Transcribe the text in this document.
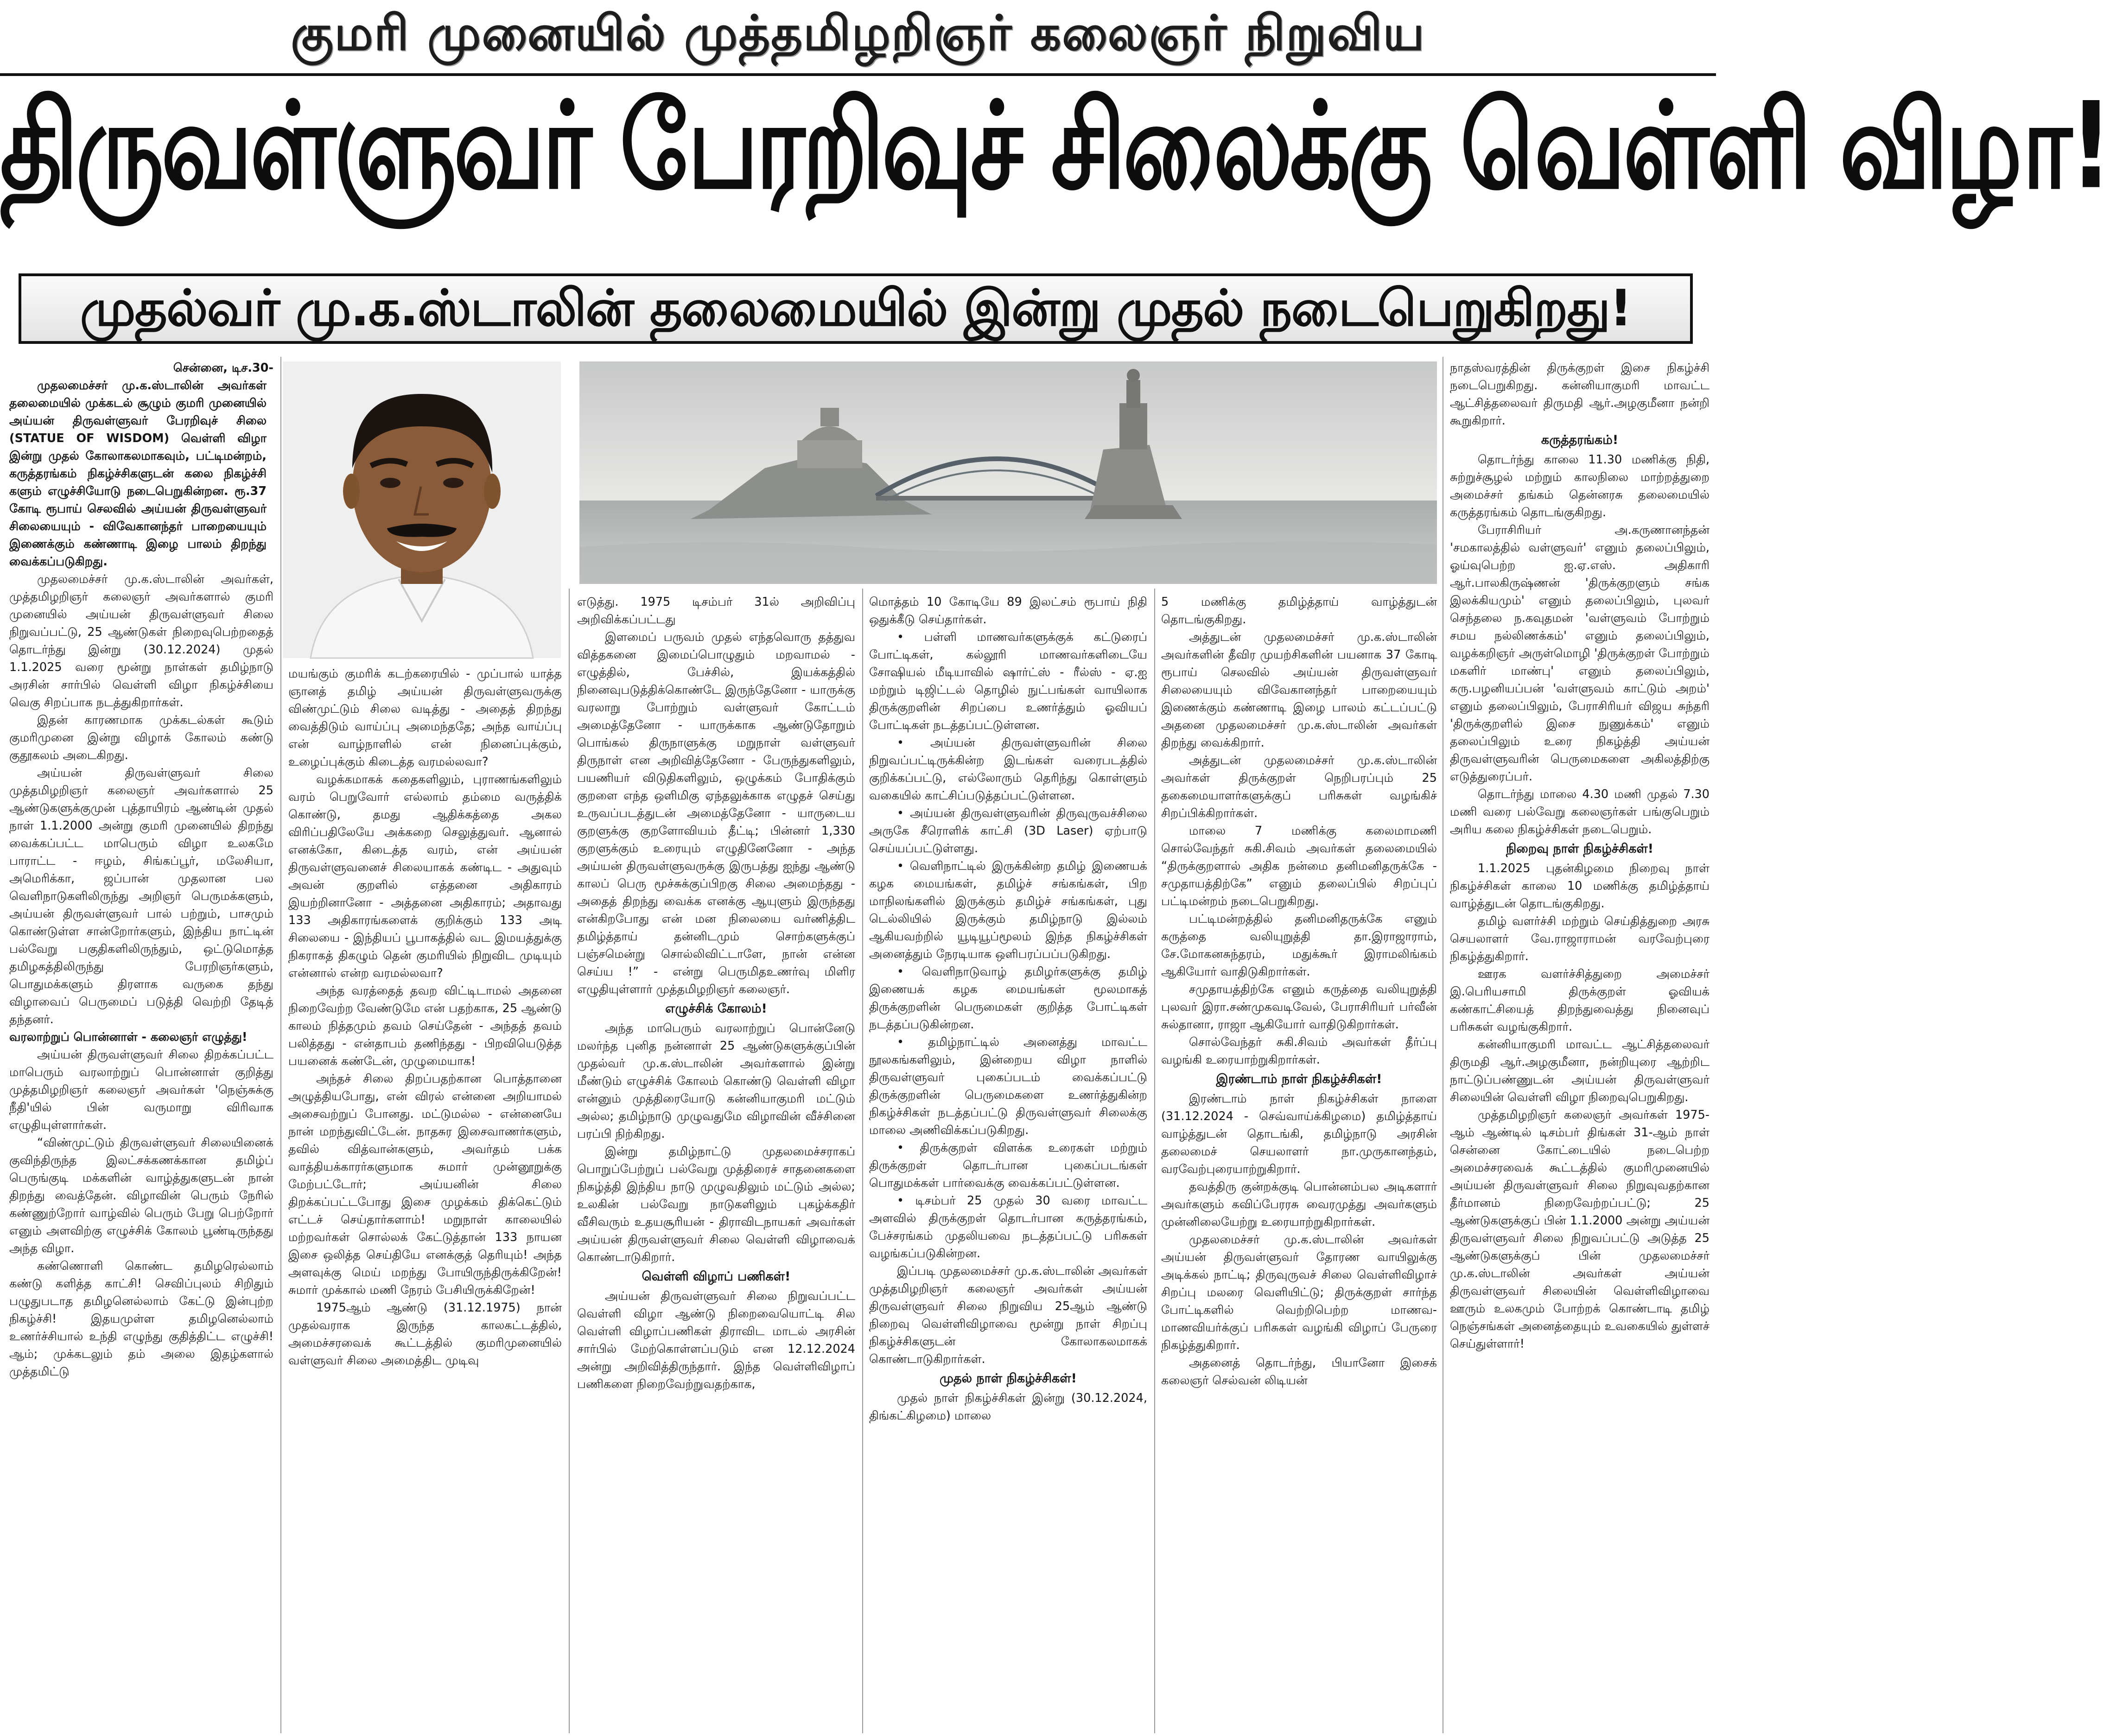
குமரி முனையில் முத்தமிழறிஞர் கலைஞர் நிறுவிய
திருவள்ளுவர் பேரறிவுச் சிலைக்கு வெள்ளி விழா!
முதல்வர் மு.க.ஸ்டாலின் தலைமையில் இன்று முதல் நடைபெறுகிறது!

சென்னை, டிச.30-

முதலமைச்சர் மு.க.ஸ்டாலின் அவர்கள் தலைமையில் முக்கடல் சூழும் குமரி முனையில் அய்யன் திருவள்ளுவர் பேரறிவுச் சிலை (STATUE OF WISDOM) வெள்ளி விழா இன்று முதல் கோலாகலமாகவும், பட்டிமன்றம், கருத்தரங்கம் நிகழ்ச்சிகளுடன் கலை நிகழ்ச்சி களும் எழுச்சியோடு நடைபெறுகின்றன. ரூ.37 கோடி ரூபாய் செலவில் அய்யன் திருவள்ளுவர் சிலையையும் - விவேகானந்தர் பாறையையும் இணைக்கும் கண்ணாடி இழை பாலம் திறந்து வைக்கப்படுகிறது.

முதலமைச்சர் மு.க.ஸ்டாலின் அவர்கள், முத்தமிழறிஞர் கலைஞர் அவர்களால் குமரி முனையில் அய்யன் திருவள்ளுவர் சிலை நிறுவப்பட்டு, 25 ஆண்டுகள் நிறைவுபெற்றதைத் தொடர்ந்து இன்று (30.12.2024) முதல் 1.1.2025 வரை மூன்று நாள்கள் தமிழ்நாடு அரசின் சார்பில் வெள்ளி விழா நிகழ்ச்சியை வெகு சிறப்பாக நடத்துகிறார்கள்.

இதன் காரணமாக முக்கடல்கள் கூடும் குமரிமுனை இன்று விழாக் கோலம் கண்டு குதூகலம் அடைகிறது.

அய்யன் திருவள்ளுவர் சிலை முத்தமிழறிஞர் கலைஞர் அவர்களால் 25 ஆண்டுகளுக்குமுன் புத்தாயிரம் ஆண்டின் முதல் நாள் 1.1.2000 அன்று குமரி முனையில் திறந்து வைக்கப்பட்ட மாபெரும் விழா உலகமே பாராட்ட - ஈழம், சிங்கப்பூர், மலேசியா, அமெரிக்கா, ஜப்பான் முதலான பல வெளிநாடுகளிலிருந்து அறிஞர் பெருமக்களும், அய்யன் திருவள்ளுவர் பால் பற்றும், பாசமும் கொண்டுள்ள சான்றோர்களும், இந்திய நாட்டின் பல்வேறு பகுதிகளிலிருந்தும், ஒட்டுமொத்த தமிழகத்திலிருந்து பேரறிஞர்களும், பொதுமக்களும் திரளாக வருகை தந்து விழாவைப் பெருமைப் படுத்தி வெற்றி தேடித் தந்தனர்.

வரலாற்றுப் பொன்னாள் - கலைஞர் எழுத்து!

அய்யன் திருவள்ளுவர் சிலை திறக்கப்பட்ட மாபெரும் வரலாற்றுப் பொன்னாள் குறித்து முத்தமிழறிஞர் கலைஞர் அவர்கள் 'நெஞ்சுக்கு நீதி'யில் பின் வருமாறு விரிவாக எழுதியுள்ளார்கள்.

“விண்முட்டும் திருவள்ளுவர் சிலையினைக் குவிந்திருந்த இலட்சக்கணக்கான தமிழ்ப் பெருங்குடி மக்களின் வாழ்த்துகளுடன் நான் திறந்து வைத்தேன். விழாவின் பெரும் நேரில் கண்ணுற்றோர் வாழ்வில் பெரும் பேறு பெற்றோர் எனும் அளவிற்கு எழுச்சிக் கோலம் பூண்டிருந்தது அந்த விழா.

கண்ணொளி கொண்ட தமிழரெல்லாம் கண்டு களித்த காட்சி! செவிப்புலம் சிறிதும் பழுதுபடாத தமிழனெல்லாம் கேட்டு இன்புற்ற நிகழ்ச்சி! இதயமுள்ள தமிழனெல்லாம் உணர்ச்சியால் உந்தி எழுந்து குதித்திட்ட எழுச்சி! ஆம்; முக்கடலும் தம் அலை இதழ்களால் முத்தமிட்டு

மயங்கும் குமரிக் கடற்கரையில் - முப்பால் யாத்த ஞானத் தமிழ் அய்யன் திருவள்ளுவருக்கு விண்முட்டும் சிலை வடித்து - அதைத் திறந்து வைத்திடும் வாய்ப்பு அமைந்ததே; அந்த வாய்ப்பு என் வாழ்நாளில் என் நினைப்புக்கும், உழைப்புக்கும் கிடைத்த வரமல்லவா?

வழக்கமாகக் கதைகளிலும், புராணங்களிலும் வரம் பெறுவோர் எல்லாம் தம்மை வருத்திக் கொண்டு, தமது ஆதிக்கத்தை அகல விரிப்பதிலேயே அக்கறை செலுத்துவர். ஆனால் எனக்கோ, கிடைத்த வரம், என் அய்யன் திருவள்ளுவனைச் சிலையாகக் கண்டிட - அதுவும் அவன் குறளில் எத்தனை அதிகாரம் இயற்றினானோ - அத்தனை அதிகாரம்; அதாவது 133 அதிகாரங்களைக் குறிக்கும் 133 அடி சிலையை - இந்தியப் பூபாகத்தில் வட இமயத்துக்கு நிகராகத் திகழும் தென் குமரியில் நிறுவிட முடியும் என்னால் என்ற வரமல்லவா?

அந்த வரத்தைத் தவற விட்டிடாமல் அதனை நிறைவேற்ற வேண்டுமே என் பதற்காக, 25 ஆண்டு காலம் நித்தமும் தவம் செய்தேன் - அந்தத் தவம் பலித்தது - என்தாபம் தணிந்தது - பிறவியெடுத்த பயனைக் கண்டேன், முழுமையாக!

அந்தச் சிலை திறப்பதற்கான பொத்தானை அழுத்தியபோது, என் விரல் என்னை அறியாமல் அசைவற்றுப் போனது. மட்டுமல்ல - என்னையே நான் மறந்துவிட்டேன். நாதசுர இசைவாணர்களும், தவில் வித்வான்களும், அவர்தம் பக்க வாத்தியக்காரர்களுமாக சுமார் முன்னூறுக்கு மேற்பட்டோர்; அய்யனின் சிலை திறக்கப்பட்டபோது இசை முழக்கம் திக்கெட்டும் எட்டச் செய்தார்களாம்! மறுநாள் காலையில் மற்றவர்கள் சொல்லக் கேட்டுத்தான் 133 நாயன இசை ஒலித்த செய்தியே எனக்குத் தெரியும்! அந்த அளவுக்கு மெய் மறந்து போயிருந்திருக்கிறேன்! சுமார் முக்கால் மணி நேரம் பேசியிருக்கிறேன்!

1975ஆம் ஆண்டு (31.12.1975) நான் முதல்வராக இருந்த காலகட்டத்தில், அமைச்சரவைக் கூட்டத்தில் குமரிமுனையில் வள்ளுவர் சிலை அமைத்திட முடிவு

எடுத்து. 1975 டிசம்பர் 31ல் அறிவிப்பு அறிவிக்கப்பட்டது

இளமைப் பருவம் முதல் எந்தவொரு தத்துவ வித்தகனை இமைப்பொழுதும் மறவாமல் - எழுத்தில், பேச்சில், இயக்கத்தில் நினைவுபடுத்திக்கொண்டே இருந்தேனோ - யாருக்கு வரலாறு போற்றும் வள்ளுவர் கோட்டம் அமைத்தேனோ - யாருக்காக ஆண்டுதோறும் பொங்கல் திருநாளுக்கு மறுநாள் வள்ளுவர் திருநாள் என அறிவித்தேனோ - பேருந்துகளிலும், பயணியர் விடுதிகளிலும், ஒழுக்கம் போதிக்கும் குறளை எந்த ஒளிமிகு ஏந்தலுக்காக எழுதச் செய்து உருவப்படத்துடன் அமைத்தேனோ - யாருடைய குறளுக்கு குறளோவியம் தீட்டி; பின்னர் 1,330 குறளுக்கும் உரையும் எழுதினேனோ - அந்த அய்யன் திருவள்ளுவருக்கு இருபத்து ஐந்து ஆண்டு காலப் பெரு மூச்சுக்குப்பிறகு சிலை அமைந்தது - அதைத் திறந்து வைக்க எனக்கு ஆயுளும் இருந்தது என்கிறபோது என் மன நிலையை வர்ணித்திட தமிழ்த்தாய் தன்னிடமும் சொற்களுக்குப் பஞ்சமென்று சொல்லிவிட்டாளே, நான் என்ன செய்ய !” - என்று பெருமிதஉணர்வு மிளிர எழுதியுள்ளார் முத்தமிழறிஞர் கலைஞர்.

எழுச்சிக் கோலம்!

அந்த மாபெரும் வரலாற்றுப் பொன்னேடு மலர்ந்த புனித நன்னாள் 25 ஆண்டுகளுக்குப்பின் முதல்வர் மு.க.ஸ்டாலின் அவர்களால் இன்று மீண்டும் எழுச்சிக் கோலம் கொண்டு வெள்ளி விழா என்னும் முத்திரையோடு கன்னியாகுமரி மட்டும் அல்ல; தமிழ்நாடு முழுவதுமே விழாவின் வீச்சினை பரப்பி நிற்கிறது.

இன்று தமிழ்நாட்டு முதலமைச்சராகப் பொறுப்பேற்றுப் பல்வேறு முத்திரைச் சாதனைகளை நிகழ்த்தி இந்திய நாடு முழுவதிலும் மட்டும் அல்ல; உலகின் பல்வேறு நாடுகளிலும் புகழ்க்கதிர் வீசிவரும் உதயசூரியன் - திராவிடநாயகர் அவர்கள் அய்யன் திருவள்ளுவர் சிலை வெள்ளி விழாவைக் கொண்டாடுகிறார்.

வெள்ளி விழாப் பணிகள்!

அய்யன் திருவள்ளுவர் சிலை நிறுவப்பட்ட வெள்ளி விழா ஆண்டு நிறைவையொட்டி சில வெள்ளி விழாப்பணிகள் திராவிட மாடல் அரசின் சார்பில் மேற்கொள்ளப்படும் என 12.12.2024 அன்று அறிவித்திருந்தார். இந்த வெள்ளிவிழாப் பணிகளை நிறைவேற்றுவதற்காக,

மொத்தம் 10 கோடியே 89 இலட்சம் ரூபாய் நிதி ஒதுக்கீடு செய்தார்கள்.

• பள்ளி மாணவர்களுக்குக் கட்டுரைப் போட்டிகள், கல்லூரி மாணவர்களிடையே சோஷியல் மீடியாவில் ஷார்ட்ஸ் - ரீல்ஸ் - ஏ.ஐ மற்றும் டிஜிட்டல் தொழில் நுட்பங்கள் வாயிலாக திருக்குறளின் சிறப்பை உணர்த்தும் ஓவியப் போட்டிகள் நடத்தப்பட்டுள்ளன.

• அய்யன் திருவள்ளுவரின் சிலை நிறுவப்பட்டிருக்கின்ற இடங்கள் வரைபடத்தில் குறிக்கப்பட்டு, எல்லோரும் தெரிந்து கொள்ளும் வகையில் காட்சிப்படுத்தப்பட்டுள்ளன.

• அய்யன் திருவள்ளுவரின் திருவுருவச்சிலை அருகே சீரொளிக் காட்சி (3D Laser) ஏற்பாடு செய்யப்பட்டுள்ளது.

• வெளிநாட்டில் இருக்கின்ற தமிழ் இணையக் கழக மையங்கள், தமிழ்ச் சங்கங்கள், பிற மாநிலங்களில் இருக்கும் தமிழ்ச் சங்கங்கள், புது டெல்லியில் இருக்கும் தமிழ்நாடு இல்லம் ஆகியவற்றில் யூடியூப்மூலம் இந்த நிகழ்ச்சிகள் அனைத்தும் நேரடியாக ஒளிபரப்பப்படுகிறது.

• வெளிநாடுவாழ் தமிழர்களுக்கு தமிழ் இணையக் கழக மையங்கள் மூலமாகத் திருக்குறளின் பெருமைகள் குறித்த போட்டிகள் நடத்தப்படுகின்றன.

• தமிழ்நாட்டில் அனைத்து மாவட்ட நூலகங்களிலும், இன்றைய விழா நாளில் திருவள்ளுவர் புகைப்படம் வைக்கப்பட்டு திருக்குறளின் பெருமைகளை உணர்த்துகின்ற நிகழ்ச்சிகள் நடத்தப்பட்டு திருவள்ளுவர் சிலைக்கு மாலை அணிவிக்கப்படுகிறது.

• திருக்குறள் விளக்க உரைகள் மற்றும் திருக்குறள் தொடர்பான புகைப்படங்கள் பொதுமக்கள் பார்வைக்கு வைக்கப்பட்டுள்ளன.

• டிசம்பர் 25 முதல் 30 வரை மாவட்ட அளவில் திருக்குறள் தொடர்பான கருத்தரங்கம், பேச்சரங்கம் முதலியவை நடத்தப்பட்டு பரிசுகள் வழங்கப்படுகின்றன.

இப்படி முதலமைச்சர் மு.க.ஸ்டாலின் அவர்கள் முத்தமிழறிஞர் கலைஞர் அவர்கள் அய்யன் திருவள்ளுவர் சிலை நிறுவிய 25ஆம் ஆண்டு நிறைவு வெள்ளிவிழாவை மூன்று நாள் சிறப்பு நிகழ்ச்சிகளுடன் கோலாகலமாகக் கொண்டாடுகிறார்கள்.

முதல் நாள் நிகழ்ச்சிகள்!

முதல் நாள் நிகழ்ச்சிகள் இன்று (30.12.2024, திங்கட்கிழமை) மாலை

5 மணிக்கு தமிழ்த்தாய் வாழ்த்துடன் தொடங்குகிறது.

அத்துடன் முதலமைச்சர் மு.க.ஸ்டாலின் அவர்களின் தீவிர முயற்சிகளின் பயனாக 37 கோடி ரூபாய் செலவில் அய்யன் திருவள்ளுவர் சிலையையும் விவேகானந்தர் பாறையையும் இணைக்கும் கண்ணாடி இழை பாலம் கட்டப்பட்டு அதனை முதலமைச்சர் மு.க.ஸ்டாலின் அவர்கள் திறந்து வைக்கிறார்.

அத்துடன் முதலமைச்சர் மு.க.ஸ்டாலின் அவர்கள் திருக்குறள் நெறிபரப்பும் 25 தகைமையாளர்களுக்குப் பரிசுகள் வழங்கிச் சிறப்பிக்கிறார்கள்.

மாலை 7 மணிக்கு கலைமாமணி சொல்வேந்தர் சுகி.சிவம் அவர்கள் தலைமையில் “திருக்குறளால் அதிக நன்மை தனிமனிதருக்கே - சமுதாயத்திற்கே” எனும் தலைப்பில் சிறப்புப் பட்டிமன்றம் நடைபெறுகிறது.

பட்டிமன்றத்தில் தனிமனிதருக்கே எனும் கருத்தை வலியுறுத்தி தா.இராஜாராம், சே.மோகனசுந்தரம், மதுக்கூர் இராமலிங்கம் ஆகியோர் வாதிடுகிறார்கள்.

சமுதாயத்திற்கே எனும் கருத்தை வலியுறுத்தி புலவர் இரா.சண்முகவடிவேல், பேராசிரியர் பர்வீன் சுல்தானா, ராஜா ஆகியோர் வாதிடுகிறார்கள்.

சொல்வேந்தர் சுகி.சிவம் அவர்கள் தீர்ப்பு வழங்கி உரையாற்றுகிறார்கள்.

இரண்டாம் நாள் நிகழ்ச்சிகள்!

இரண்டாம் நாள் நிகழ்ச்சிகள் நாளை (31.12.2024 - செவ்வாய்க்கிழமை) தமிழ்த்தாய் வாழ்த்துடன் தொடங்கி, தமிழ்நாடு அரசின் தலைமைச் செயலாளர் நா.முருகானந்தம், வரவேற்புரையாற்றுகிறார்.

தவத்திரு குன்றக்குடி பொன்னம்பல அடிகளார் அவர்களும் கவிப்பேரரசு வைரமுத்து அவர்களும் முன்னிலையேற்று உரையாற்றுகிறார்கள்.

முதலமைச்சர் மு.க.ஸ்டாலின் அவர்கள் அய்யன் திருவள்ளுவர் தோரண வாயிலுக்கு அடிக்கல் நாட்டி; திருவுருவச் சிலை வெள்ளிவிழாச் சிறப்பு மலரை வெளியிட்டு; திருக்குறள் சார்ந்த போட்டிகளில் வெற்றிபெற்ற மாணவ- மாணவியர்க்குப் பரிசுகள் வழங்கி விழாப் பேருரை நிகழ்த்துகிறார்.

அதனைத் தொடர்ந்து, பியானோ இசைக் கலைஞர் செல்வன் லிடியன்

நாதஸ்வரத்தின் திருக்குறள் இசை நிகழ்ச்சி நடைபெறுகிறது. கன்னியாகுமரி மாவட்ட ஆட்சித்தலைவர் திருமதி ஆர்.அழகுமீனா நன்றி கூறுகிறார்.

கருத்தரங்கம்!

தொடர்ந்து காலை 11.30 மணிக்கு நிதி, சுற்றுச்சூழல் மற்றும் காலநிலை மாற்றத்துறை அமைச்சர் தங்கம் தென்னரசு தலைமையில் கருத்தரங்கம் தொடங்குகிறது.

பேராசிரியர் அ.கருணானந்தன் 'சமகாலத்தில் வள்ளுவர்' எனும் தலைப்பிலும், ஓய்வுபெற்ற ஐ.ஏ.எஸ். அதிகாரி ஆர்.பாலகிருஷ்ணன் 'திருக்குறளும் சங்க இலக்கியமும்' எனும் தலைப்பிலும், புலவர் செந்தலை ந.கவுதமன் 'வள்ளுவம் போற்றும் சமய நல்லிணக்கம்' எனும் தலைப்பிலும், வழக்கறிஞர் அருள்மொழி 'திருக்குறள் போற்றும் மகளிர் மாண்பு' எனும் தலைப்பிலும், கரு.பழனியப்பன் 'வள்ளுவம் காட்டும் அறம்' எனும் தலைப்பிலும், பேராசிரியர் விஜய சுந்தரி 'திருக்குறளில் இசை நுணுக்கம்' எனும் தலைப்பிலும் உரை நிகழ்த்தி அய்யன் திருவள்ளுவரின் பெருமைகளை அகிலத்திற்கு எடுத்துரைப்பர்.

தொடர்ந்து மாலை 4.30 மணி முதல் 7.30 மணி வரை பல்வேறு கலைஞர்கள் பங்குபெறும் அரிய கலை நிகழ்ச்சிகள் நடைபெறும்.

நிறைவு நாள் நிகழ்ச்சிகள்!

1.1.2025 புதன்கிழமை நிறைவு நாள் நிகழ்ச்சிகள் காலை 10 மணிக்கு தமிழ்த்தாய் வாழ்த்துடன் தொடங்குகிறது.

தமிழ் வளர்ச்சி மற்றும் செய்தித்துறை அரசு செயலாளர் வே.ராஜாராமன் வரவேற்புரை நிகழ்த்துகிறார்.

ஊரக வளர்ச்சித்துறை அமைச்சர் இ.பெரியசாமி திருக்குறள் ஓவியக் கண்காட்சியைத் திறந்துவைத்து நினைவுப் பரிசுகள் வழங்குகிறார்.

கன்னியாகுமரி மாவட்ட ஆட்சித்தலைவர் திருமதி ஆர்.அழகுமீனா, நன்றியுரை ஆற்றிட நாட்டுப்பண்ணுடன் அய்யன் திருவள்ளுவர் சிலையின் வெள்ளி விழா நிறைவுபெறுகிறது.

முத்தமிழறிஞர் கலைஞர் அவர்கள் 1975-ஆம் ஆண்டில் டிசம்பர் திங்கள் 31-ஆம் நாள் சென்னை கோட்டையில் நடைபெற்ற அமைச்சரவைக் கூட்டத்தில் குமரிமுனையில் அய்யன் திருவள்ளுவர் சிலை நிறுவுவதற்கான தீர்மானம் நிறைவேற்றப்பட்டு; 25 ஆண்டுகளுக்குப் பின் 1.1.2000 அன்று அய்யன் திருவள்ளுவர் சிலை நிறுவப்பட்டு அடுத்த 25 ஆண்டுகளுக்குப் பின் முதலமைச்சர் மு.க.ஸ்டாலின் அவர்கள் அய்யன் திருவள்ளுவர் சிலையின் வெள்ளிவிழாவை ஊரும் உலகமும் போற்றக் கொண்டாடி தமிழ் நெஞ்சங்கள் அனைத்தையும் உவகையில் துள்ளச் செய்துள்ளார்!
